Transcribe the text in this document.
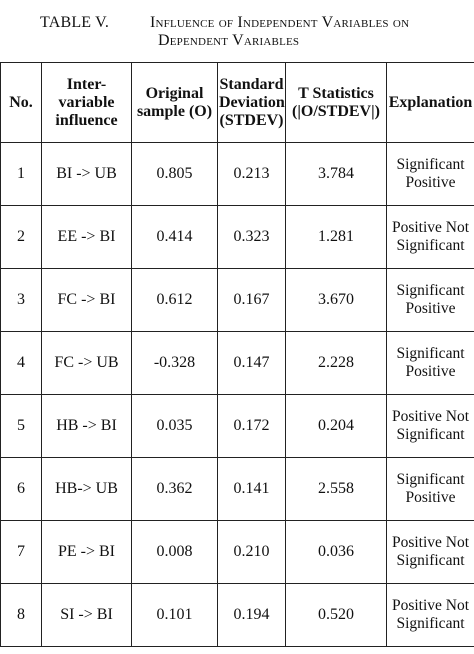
TABLE V.	Influence of Independent Variables on
Dependent Variables
No.	Inter-variable influence	Original sample (O)	Standard Deviation (STDEV)	T Statistics (|O/STDEV|)	Explanation
1	BI -> UB	0.805	0.213	3.784	Significant Positive
2	EE -> BI	0.414	0.323	1.281	Positive Not Significant
3	FC -> BI	0.612	0.167	3.670	Significant Positive
4	FC -> UB	-0.328	0.147	2.228	Significant Positive
5	HB -> BI	0.035	0.172	0.204	Positive Not Significant
6	HB-> UB	0.362	0.141	2.558	Significant Positive
7	PE -> BI	0.008	0.210	0.036	Positive Not Significant
8	SI -> BI	0.101	0.194	0.520	Positive Not Significant
